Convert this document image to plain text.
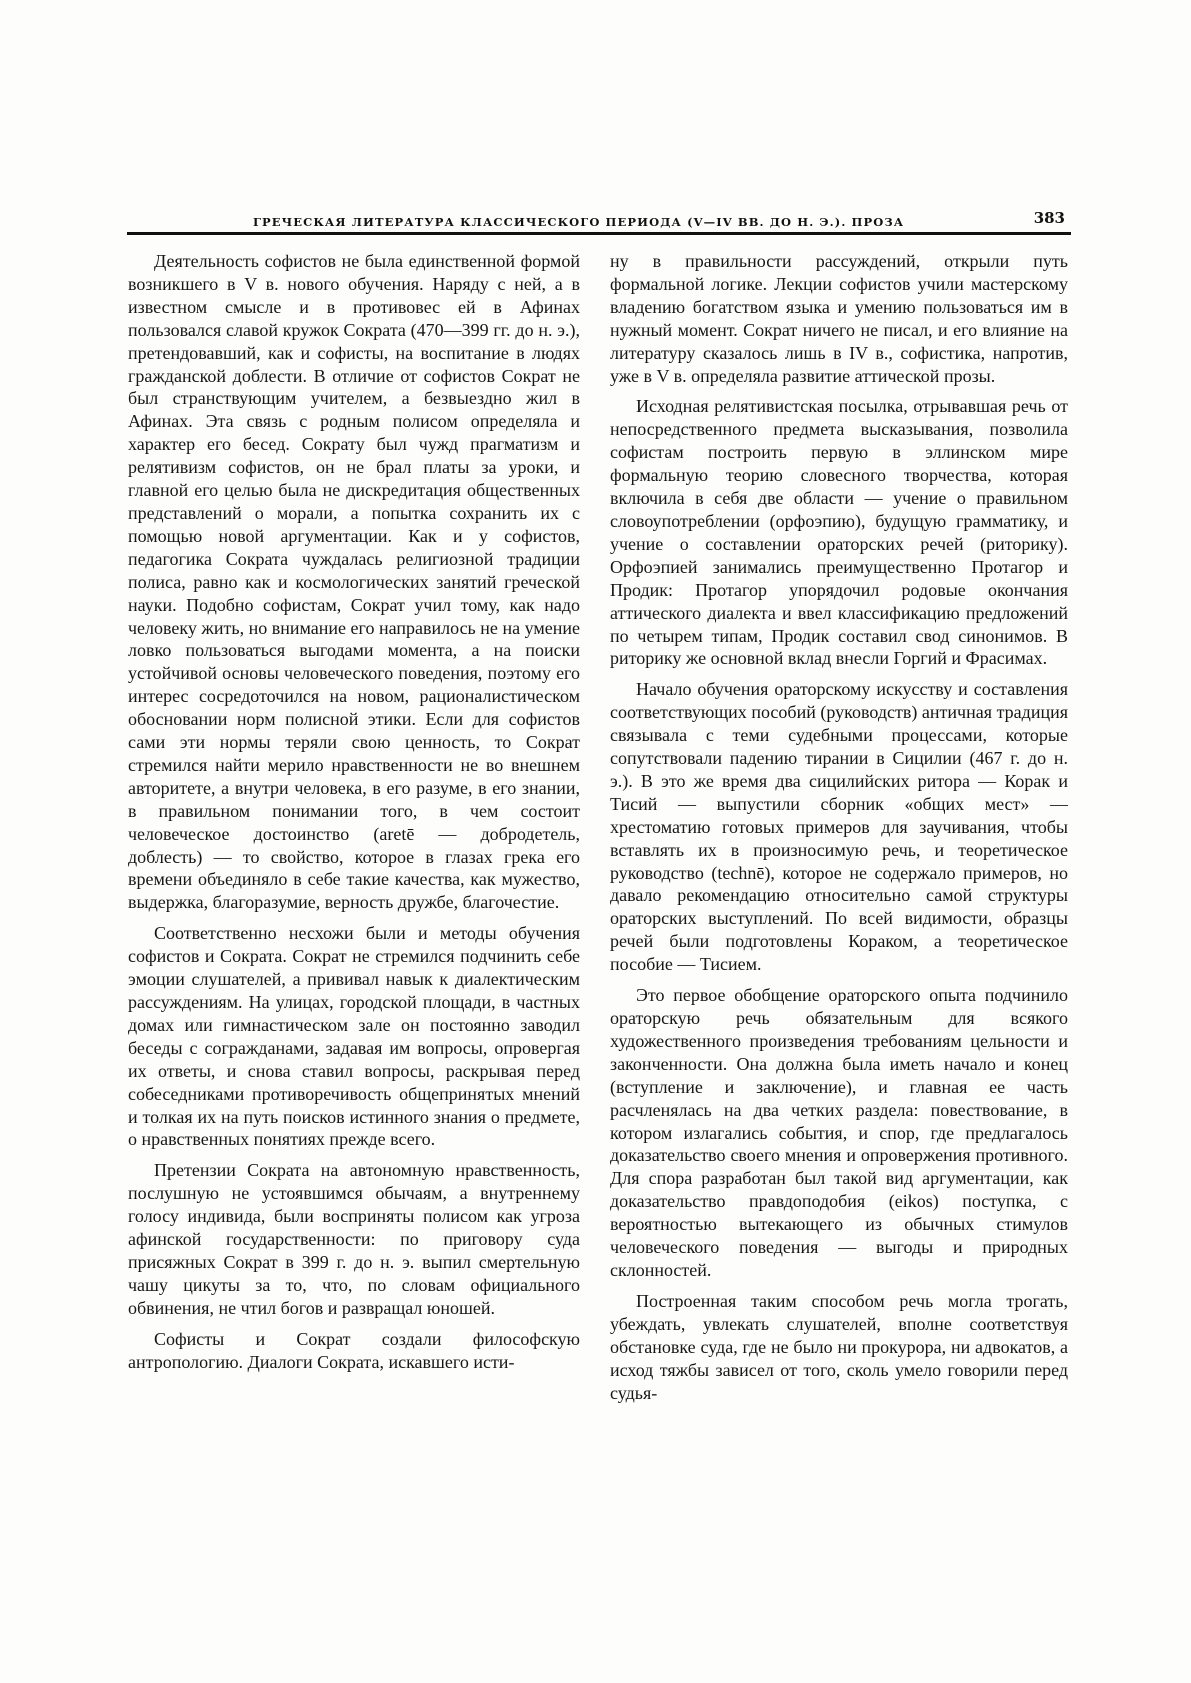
ГРЕЧЕСКАЯ ЛИТЕРАТУРА КЛАССИЧЕСКОГО ПЕРИОДА (V—IV ВВ. ДО Н. Э.). ПРОЗА	383

Деятельность софистов не была единственной формой возникшего в V в. нового обучения. Наряду с ней, а в известном смысле и в противовес ей в Афинах пользовался славой кружок Сократа (470—399 гг. до н. э.), претендовавший, как и софисты, на воспитание в людях гражданской доблести. В отличие от софистов Сократ не был странствующим учителем, а безвыездно жил в Афинах. Эта связь с родным полисом определяла и характер его бесед. Сократу был чужд прагматизм и релятивизм софистов, он не брал платы за уроки, и главной его целью была не дискредитация общественных представлений о морали, а попытка сохранить их с помощью новой аргументации. Как и у софистов, педагогика Сократа чуждалась религиозной традиции полиса, равно как и космологических занятий греческой науки. Подобно софистам, Сократ учил тому, как надо человеку жить, но внимание его направилось не на умение ловко пользоваться выгодами момента, а на поиски устойчивой основы человеческого поведения, поэтому его интерес сосредоточился на новом, рационалистическом обосновании норм полисной этики. Если для софистов сами эти нормы теряли свою ценность, то Сократ стремился найти мерило нравственности не во внешнем авторитете, а внутри человека, в его разуме, в его знании, в правильном понимании того, в чем состоит человеческое достоинство (aretē — добродетель, доблесть) — то свойство, которое в глазах грека его времени объединяло в себе такие качества, как мужество, выдержка, благоразумие, верность дружбе, благочестие.

Соответственно несхожи были и методы обучения софистов и Сократа. Сократ не стремился подчинить себе эмоции слушателей, а прививал навык к диалектическим рассуждениям. На улицах, городской площади, в частных домах или гимнастическом зале он постоянно заводил беседы с согражданами, задавая им вопросы, опровергая их ответы, и снова ставил вопросы, раскрывая перед собеседниками противоречивость общепринятых мнений и толкая их на путь поисков истинного знания о предмете, о нравственных понятиях прежде всего.

Претензии Сократа на автономную нравственность, послушную не устоявшимся обычаям, а внутреннему голосу индивида, были восприняты полисом как угроза афинской государственности: по приговору суда присяжных Сократ в 399 г. до н. э. выпил смертельную чашу цикуты за то, что, по словам официального обвинения, не чтил богов и развращал юношей.

Софисты и Сократ создали философскую антропологию. Диалоги Сократа, искавшего исти-

ну в правильности рассуждений, открыли путь формальной логике. Лекции софистов учили мастерскому владению богатством языка и умению пользоваться им в нужный момент. Сократ ничего не писал, и его влияние на литературу сказалось лишь в IV в., софистика, напротив, уже в V в. определяла развитие аттической прозы.

Исходная релятивистская посылка, отрывавшая речь от непосредственного предмета высказывания, позволила софистам построить первую в эллинском мире формальную теорию словесного творчества, которая включила в себя две области — учение о правильном словоупотреблении (орфоэпию), будущую грамматику, и учение о составлении ораторских речей (риторику). Орфоэпией занимались преимущественно Протагор и Продик: Протагор упорядочил родовые окончания аттического диалекта и ввел классификацию предложений по четырем типам, Продик составил свод синонимов. В риторику же основной вклад внесли Горгий и Фрасимах.

Начало обучения ораторскому искусству и составления соответствующих пособий (руководств) античная традиция связывала с теми судебными процессами, которые сопутствовали падению тирании в Сицилии (467 г. до н. э.). В это же время два сицилийских ритора — Корак и Тисий — выпустили сборник «общих мест» — хрестоматию готовых примеров для заучивания, чтобы вставлять их в произносимую речь, и теоретическое руководство (technē), которое не содержало примеров, но давало рекомендацию относительно самой структуры ораторских выступлений. По всей видимости, образцы речей были подготовлены Кораком, а теоретическое пособие — Тисием.

Это первое обобщение ораторского опыта подчинило ораторскую речь обязательным для всякого художественного произведения требованиям цельности и законченности. Она должна была иметь начало и конец (вступление и заключение), и главная ее часть расчленялась на два четких раздела: повествование, в котором излагались события, и спор, где предлагалось доказательство своего мнения и опровержения противного. Для спора разработан был такой вид аргументации, как доказательство правдоподобия (eikos) поступка, с вероятностью вытекающего из обычных стимулов человеческого поведения — выгоды и природных склонностей.

Построенная таким способом речь могла трогать, убеждать, увлекать слушателей, вполне соответствуя обстановке суда, где не было ни прокурора, ни адвокатов, а исход тяжбы зависел от того, сколь умело говорили перед судья-
